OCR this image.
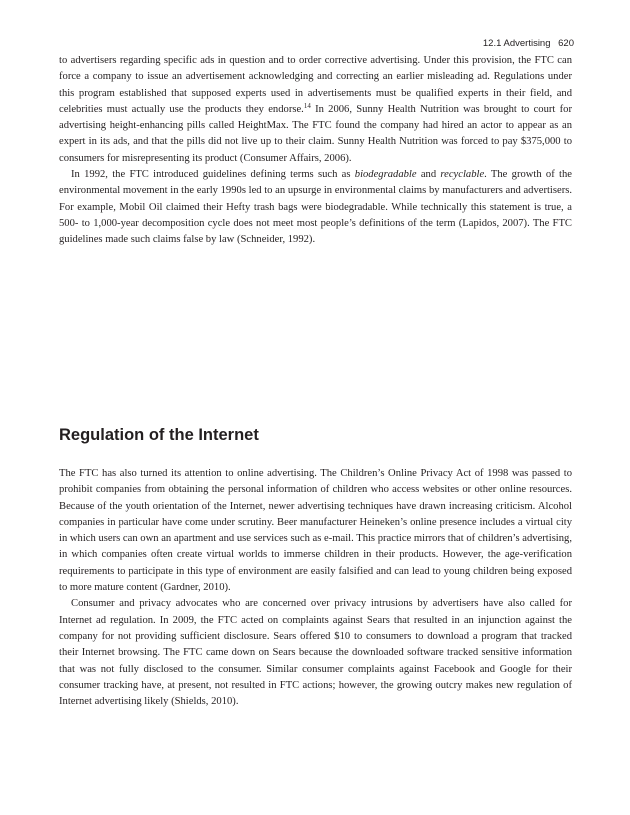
12.1 Advertising 620

to advertisers regarding specific ads in question and to order corrective advertising. Under this provision, the FTC can force a company to issue an advertisement acknowledging and correcting an earlier misleading ad. Regulations under this program established that supposed experts used in advertisements must be qualified experts in their field, and celebrities must actually use the products they endorse.$^{14}$ In 2006, Sunny Health Nutrition was brought to court for advertising height-enhancing pills called HeightMax. The FTC found the company had hired an actor to appear as an expert in its ads, and that the pills did not live up to their claim. Sunny Health Nutrition was forced to pay $375,000 to consumers for misrepresenting its product (Consumer Affairs, 2006).

In 1992, the FTC introduced guidelines defining terms such as biodegradable and recyclable. The growth of the environmental movement in the early 1990s led to an upsurge in environmental claims by manufacturers and advertisers. For example, Mobil Oil claimed their Hefty trash bags were biodegradable. While technically this statement is true, a 500- to 1,000-year decomposition cycle does not meet most people’s definitions of the term (Lapidos, 2007). The FTC guidelines made such claims false by law (Schneider, 1992).

Regulation of the Internet

The FTC has also turned its attention to online advertising. The Children’s Online Privacy Act of 1998 was passed to prohibit companies from obtaining the personal information of children who access websites or other online resources. Because of the youth orientation of the Internet, newer advertising techniques have drawn increasing criticism. Alcohol companies in particular have come under scrutiny. Beer manufacturer Heineken’s online presence includes a virtual city in which users can own an apartment and use services such as e-mail. This practice mirrors that of children’s advertising, in which companies often create virtual worlds to immerse children in their products. However, the age-verification requirements to participate in this type of environment are easily falsified and can lead to young children being exposed to more mature content (Gardner, 2010).

Consumer and privacy advocates who are concerned over privacy intrusions by advertisers have also called for Internet ad regulation. In 2009, the FTC acted on complaints against Sears that resulted in an injunction against the company for not providing sufficient disclosure. Sears offered $10 to consumers to download a program that tracked their Internet browsing. The FTC came down on Sears because the downloaded software tracked sensitive information that was not fully disclosed to the consumer. Similar consumer complaints against Facebook and Google for their consumer tracking have, at present, not resulted in FTC actions; however, the growing outcry makes new regulation of Internet advertising likely (Shields, 2010).
